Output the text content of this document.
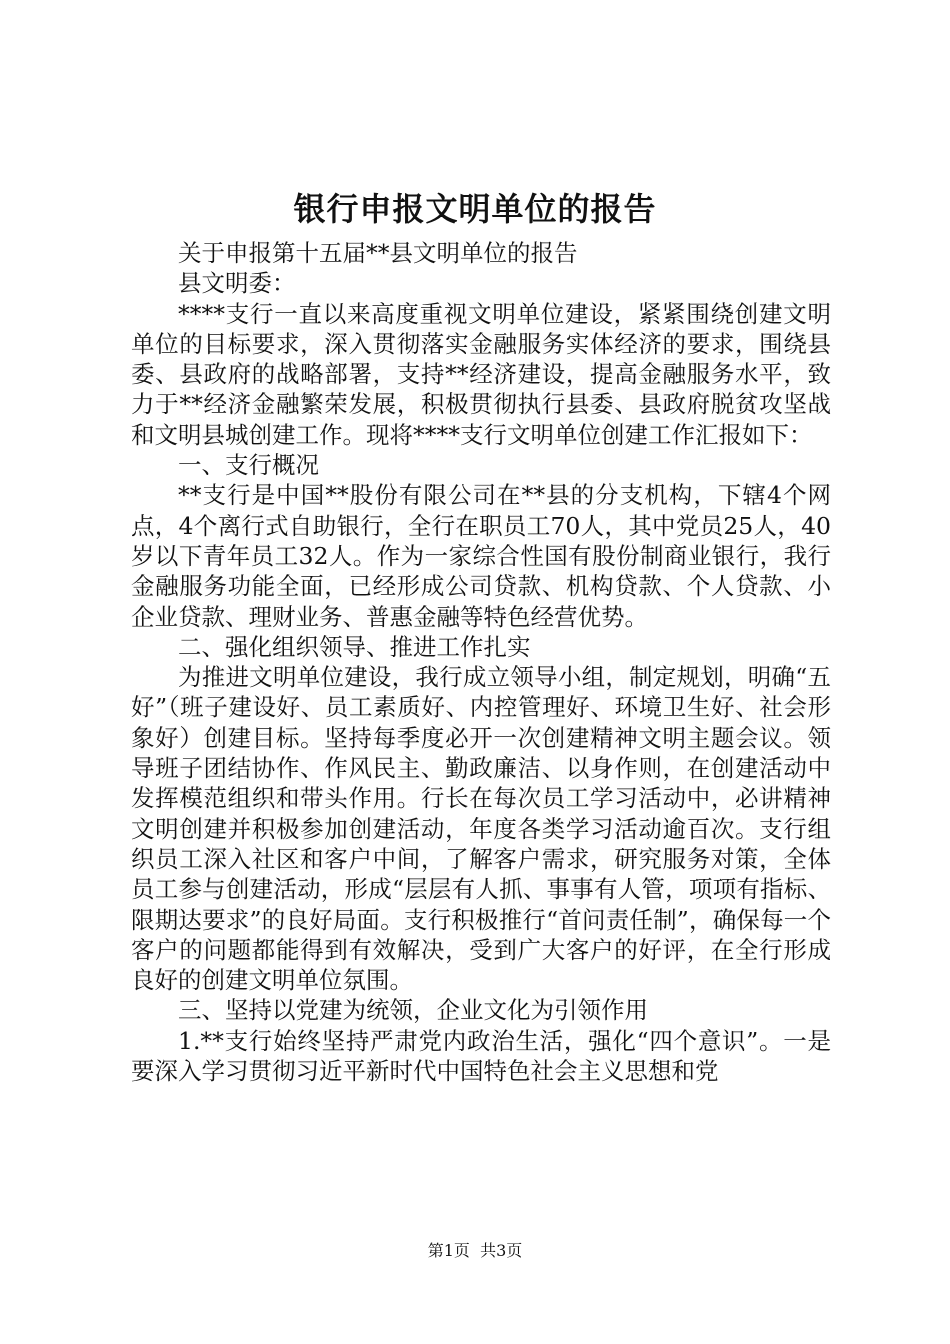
银行申报文明单位的报告

关于申报第十五届**县文明单位的报告

县文明委：

****支行一直以来高度重视文明单位建设，紧紧围绕创建文明单位的目标要求，深入贯彻落实金融服务实体经济的要求，围绕县委、县政府的战略部署，支持**经济建设，提高金融服务水平，致力于**经济金融繁荣发展，积极贯彻执行县委、县政府脱贫攻坚战和文明县城创建工作。现将****支行文明单位创建工作汇报如下：

一、支行概况

**支行是中国**股份有限公司在**县的分支机构，下辖4个网点，4个离行式自助银行，全行在职员工70人，其中党员25人，40岁以下青年员工32人。作为一家综合性国有股份制商业银行，我行金融服务功能全面，已经形成公司贷款、机构贷款、个人贷款、小企业贷款、理财业务、普惠金融等特色经营优势。

二、强化组织领导、推进工作扎实

为推进文明单位建设，我行成立领导小组，制定规划，明确“五好”（班子建设好、员工素质好、内控管理好、环境卫生好、社会形象好）创建目标。坚持每季度必开一次创建精神文明主题会议。领导班子团结协作、作风民主、勤政廉洁、以身作则，在创建活动中发挥模范组织和带头作用。行长在每次员工学习活动中，必讲精神文明创建并积极参加创建活动，年度各类学习活动逾百次。支行组织员工深入社区和客户中间，了解客户需求，研究服务对策，全体员工参与创建活动，形成“层层有人抓、事事有人管，项项有指标、限期达要求”的良好局面。支行积极推行“首问责任制”，确保每一个客户的问题都能得到有效解决，受到广大客户的好评，在全行形成良好的创建文明单位氛围。

三、坚持以党建为统领，企业文化为引领作用

1.**支行始终坚持严肃党内政治生活，强化“四个意识”。一是要深入学习贯彻习近平新时代中国特色社会主义思想和党

第1页 共3页
